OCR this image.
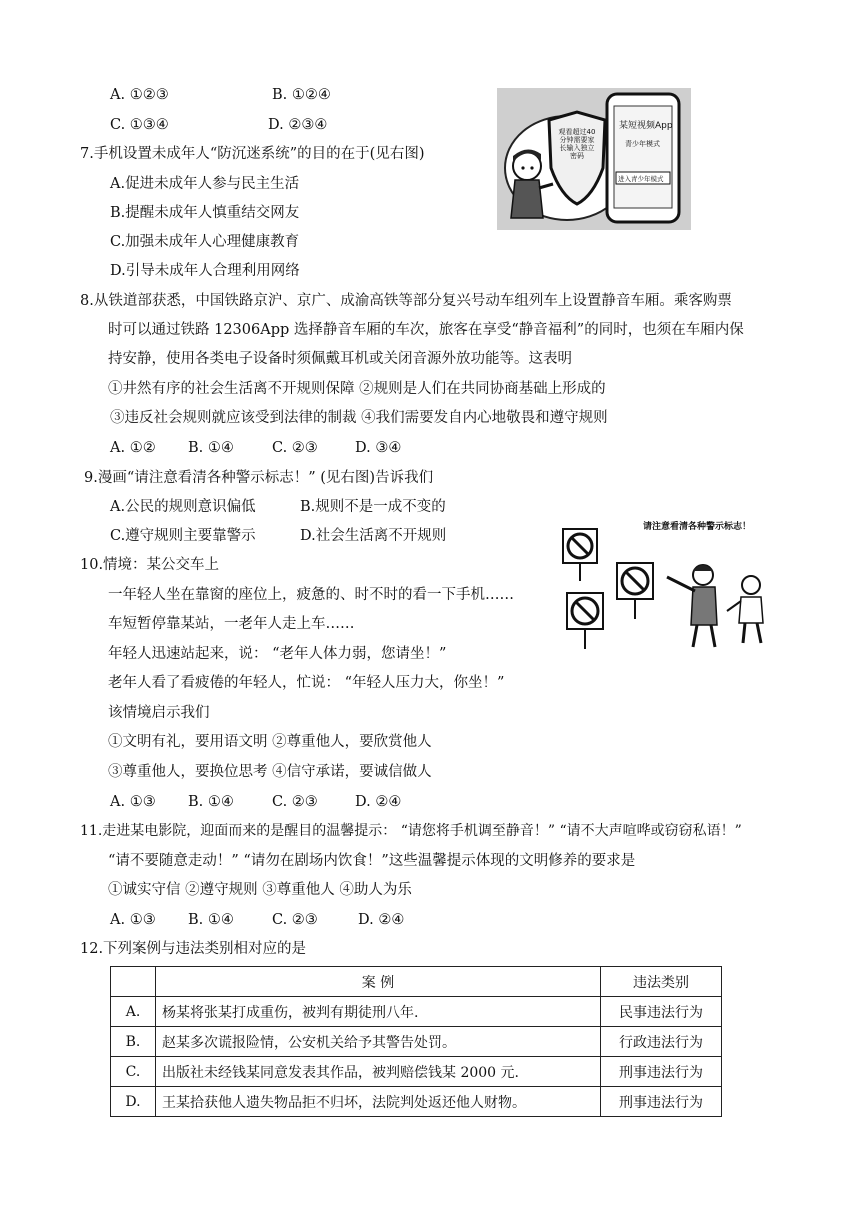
A. ①②③	B. ①②④
C. ①③④	D. ②③④
7.手机设置未成年人“防沉迷系统”的目的在于(见右图)
A.促进未成年人参与民主生活
B.提醒未成年人慎重结交网友
C.加强未成年人心理健康教育
D.引导未成年人合理利用网络
某短视频App
青少年模式
进入青少年模式
观看超过40分钟需要家长输入独立密码
8.从铁道部获悉，中国铁路京沪、京广、成渝高铁等部分复兴号动车组列车上设置静音车厢。乘客购票
时可以通过铁路 12306App 选择静音车厢的车次，旅客在享受“静音福利”的同时，也须在车厢内保
持安静，使用各类电子设备时须佩戴耳机或关闭音源外放功能等。这表明
①井然有序的社会生活离不开规则保障 ②规则是人们在共同协商基础上形成的
③违反社会规则就应该受到法律的制裁 ④我们需要发自内心地敬畏和遵守规则
A. ①② B. ①④	C. ②③	D. ③④
9.漫画“请注意看清各种警示标志！” (见右图)告诉我们
A.公民的规则意识偏低	B.规则不是一成不变的
C.遵守规则主要靠警示	D.社会生活离不开规则
请注意看清各种警示标志！
10.情境：某公交车上
一年轻人坐在靠窗的座位上，疲惫的、时不时的看一下手机……
车短暂停靠某站，一老年人走上车……
年轻人迅速站起来，说： “老年人体力弱，您请坐！”
老年人看了看疲倦的年轻人，忙说： “年轻人压力大，你坐！”
该情境启示我们
①文明有礼，要用语文明 ②尊重他人，要欣赏他人
③尊重他人，要换位思考 ④信守承诺，要诚信做人
A. ①③ B. ①④	C. ②③	D. ②④
11.走进某电影院，迎面而来的是醒目的温馨提示： “请您将手机调至静音！” “请不大声喧哗或窃窃私语！”
“请不要随意走动！” “请勿在剧场内饮食！”这些温馨提示体现的文明修养的要求是
①诚实守信 ②遵守规则 ③尊重他人 ④助人为乐
A. ①③ B. ①④	C. ②③	D. ②④
12.下列案例与违法类别相对应的是
	案 例	违法类别
A.	杨某将张某打成重伤，被判有期徒刑八年.	民事违法行为
B.	赵某多次谎报险情，公安机关给予其警告处罚。	行政违法行为
C.	出版社未经钱某同意发表其作品，被判赔偿钱某 2000 元.	刑事违法行为
D.	王某拾获他人遗失物品拒不归坏，法院判处返还他人财物。	刑事违法行为
